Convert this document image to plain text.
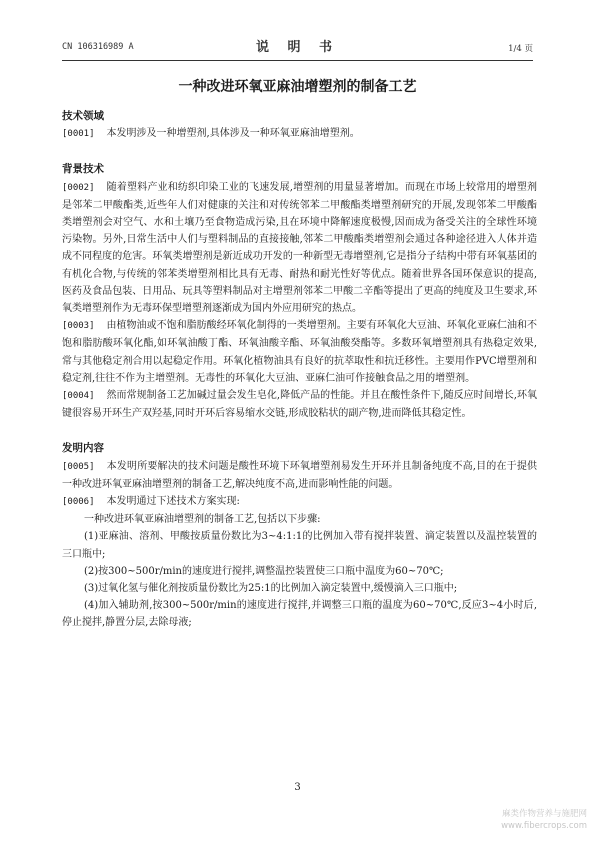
CN 106316989 A	说 明 书	1/4 页
一种改进环氧亚麻油增塑剂的制备工艺
技术领域

[0001] 本发明涉及一种增塑剂,具体涉及一种环氧亚麻油增塑剂。

背景技术

[0002] 随着塑料产业和纺织印染工业的飞速发展,增塑剂的用量显著增加。而现在市场上较常用的增塑剂是邻苯二甲酸酯类,近些年人们对健康的关注和对传统邻苯二甲酸酯类增塑剂研究的开展,发现邻苯二甲酸酯类增塑剂会对空气、水和土壤乃至食物造成污染,且在环境中降解速度极慢,因而成为备受关注的全球性环境污染物。另外,日常生活中人们与塑料制品的直接接触,邻苯二甲酸酯类增塑剂会通过各种途径进入人体并造成不同程度的危害。环氧类增塑剂是新近成功开发的一种新型无毒增塑剂,它是指分子结构中带有环氧基团的有机化合物,与传统的邻苯类增塑剂相比具有无毒、耐热和耐光性好等优点。随着世界各国环保意识的提高,医药及食品包装、日用品、玩具等塑料制品对主增塑剂邻苯二甲酸二辛酯等提出了更高的纯度及卫生要求,环氧类增塑剂作为无毒环保型增塑剂逐渐成为国内外应用研究的热点。

[0003] 由植物油或不饱和脂肪酸经环氧化制得的一类增塑剂。主要有环氧化大豆油、环氧化亚麻仁油和不饱和脂肪酸环氧化酯,如环氧油酸丁酯、环氧油酸辛酯、环氧油酸癸酯等。多数环氧增塑剂具有热稳定效果,常与其他稳定剂合用以起稳定作用。环氧化植物油具有良好的抗萃取性和抗迁移性。主要用作PVC增塑剂和稳定剂,往往不作为主增塑剂。无毒性的环氧化大豆油、亚麻仁油可作接触食品之用的增塑剂。

[0004] 然而常规制备工艺加碱过量会发生皂化,降低产品的性能。并且在酸性条件下,随反应时间增长,环氧键很容易开环生产双羟基,同时开环后容易缩水交链,形成胶粘状的副产物,进而降低其稳定性。

发明内容

[0005] 本发明所要解决的技术问题是酸性环境下环氧增塑剂易发生开环并且制备纯度不高,目的在于提供一种改进环氧亚麻油增塑剂的制备工艺,解决纯度不高,进而影响性能的问题。

[0006] 本发明通过下述技术方案实现:

一种改进环氧亚麻油增塑剂的制备工艺,包括以下步骤:

(1)亚麻油、溶剂、甲酸按质量份数比为3~4:1:1的比例加入带有搅拌装置、滴定装置以及温控装置的三口瓶中;

(2)按300~500r/min的速度进行搅拌,调整温控装置使三口瓶中温度为60~70℃;

(3)过氧化氢与催化剂按质量份数比为25:1的比例加入滴定装置中,缓慢滴入三口瓶中;

(4)加入辅助剂,按300~500r/min的速度进行搅拌,并调整三口瓶的温度为60~70℃,反应3~4小时后,停止搅拌,静置分层,去除母液;

3
麻类作物营养与施肥网
www.fibercrops.com
